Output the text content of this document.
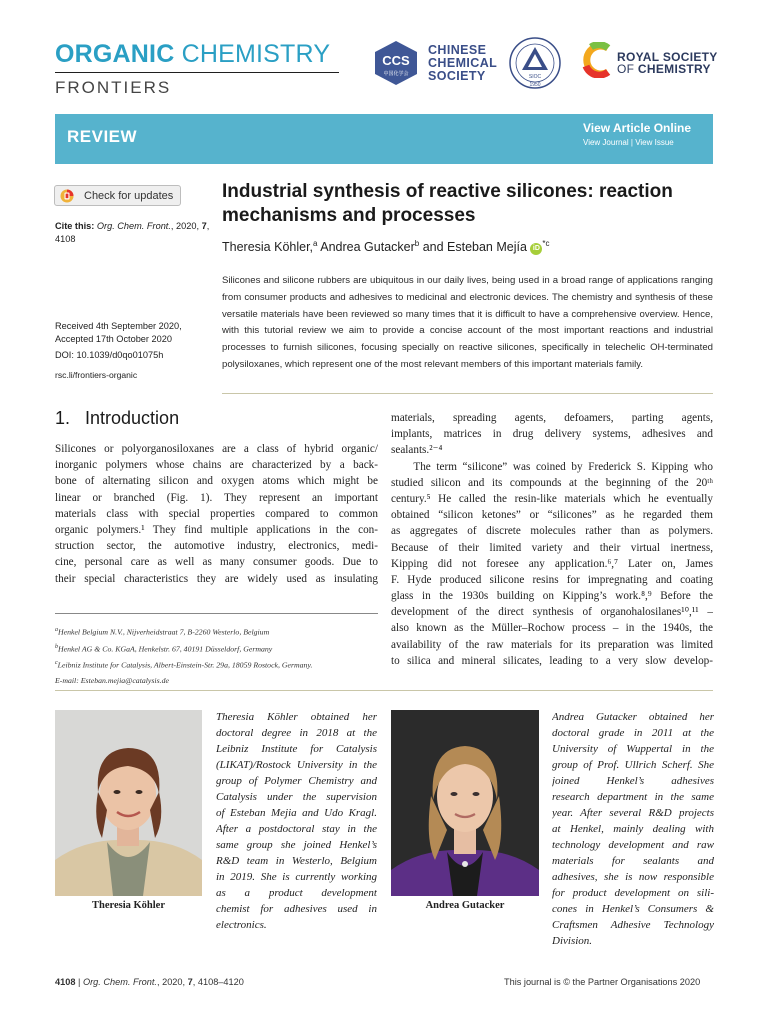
ORGANIC CHEMISTRY
FRONTIERS
CCS
中国化学会
CHINESE
CHEMICAL
SOCIETY	SIOC
1950
ROYAL SOCIETY
OF CHEMISTRY
REVIEW	View Article Online
View Journal | View Issue
Check for updates
Cite this: Org. Chem. Front., 2020, 7, 4108
Received 4th September 2020,
Accepted 17th October 2020
DOI: 10.1039/d0qo01075h
rsc.li/frontiers-organic
Industrial synthesis of reactive silicones: reaction mechanisms and processes
Theresia Köhler,$^a$ Andrea Gutacker$^b$ and Esteban Mejía $iD^{*c}$

Silicones and silicone rubbers are ubiquitous in our daily lives, being used in a broad range of applications ranging from consumer products and adhesives to medicinal and electronic devices. The chemistry and synthesis of these versatile materials have been reviewed so many times that it is difficult to have a comprehensive overview. Hence, with this tutorial review we aim to provide a concise account of the most important reactions and industrial processes to furnish silicones, focusing specially on reactive silicones, specifically in telechelic OH-terminated polysiloxanes, which represent one of the most relevant members of this important materials family.

1. Introduction
Silicones or polyorganosiloxanes are a class of hybrid organic/
inorganic polymers whose chains are characterized by a back-
bone of alternating silicon and oxygen atoms which might be
linear or branched (Fig. 1). They represent an important
materials class with special properties compared to common
organic polymers.¹ They find multiple applications in the con-
struction sector, the automotive industry, electronics, medi-
cine, personal care as well as many consumer goods. Due to
their special characteristics they are widely used as insulating
materials, spreading agents, defoamers, parting agents,
implants, matrices in drug delivery systems, adhesives and
sealants.²⁻⁴
The term “silicone” was coined by Frederick S. Kipping who
studied silicon and its compounds at the beginning of the 20ᵗʰ
century.⁵ He called the resin-like materials which he eventually
obtained “silicon ketones” or “silicones” as he regarded them
as aggregates of discrete molecules rather than as polymers.
Because of their limited variety and their virtual inertness,
Kipping did not foresee any application.⁶,⁷ Later on, James
F. Hyde produced silicone resins for impregnating and coating
glass in the 1930s building on Kipping’s work.⁸,⁹ Before the
development of the direct synthesis of organohalosilanes¹⁰,¹¹ –
also known as the Müller–Rochow process – in the 1940s, the
availability of the raw materials for its preparation was limited
to silica and mineral silicates, leading to a very slow develop-
$^a$Henkel Belgium N.V., Nijverheidstraat 7, B-2260 Westerlo, Belgium
$^b$Henkel AG & Co. KGaA, Henkelstr. 67, 40191 Düsseldorf, Germany
$^c$Leibniz Institute for Catalysis, Albert-Einstein-Str. 29a, 18059 Rostock, Germany.
E-mail: Esteban.mejia@catalysis.de
Theresia Köhler
Theresia Köhler obtained her
doctoral degree in 2018 at the
Leibniz Institute for Catalysis
(LIKAT)/Rostock University in the
group of Polymer Chemistry and
Catalysis under the supervision
of Esteban Mejia and Udo Kragl.
After a postdoctoral stay in the
same group she joined Henkel’s
R&D team in Westerlo, Belgium
in 2019. She is currently working
as a product development
chemist for adhesives used in
electronics.
Andrea Gutacker
Andrea Gutacker obtained her
doctoral grade in 2011 at the
University of Wuppertal in the
group of Prof. Ullrich Scherf. She
joined Henkel’s adhesives
research department in the same
year. After several R&D projects
at Henkel, mainly dealing with
technology development and raw
materials for sealants and
adhesives, she is now responsible
for product development on sili-
cones in Henkel’s Consumers &
Craftsmen Adhesive Technology
Division.
4108 | Org. Chem. Front., 2020, 7, 4108–4120	This journal is © the Partner Organisations 2020
